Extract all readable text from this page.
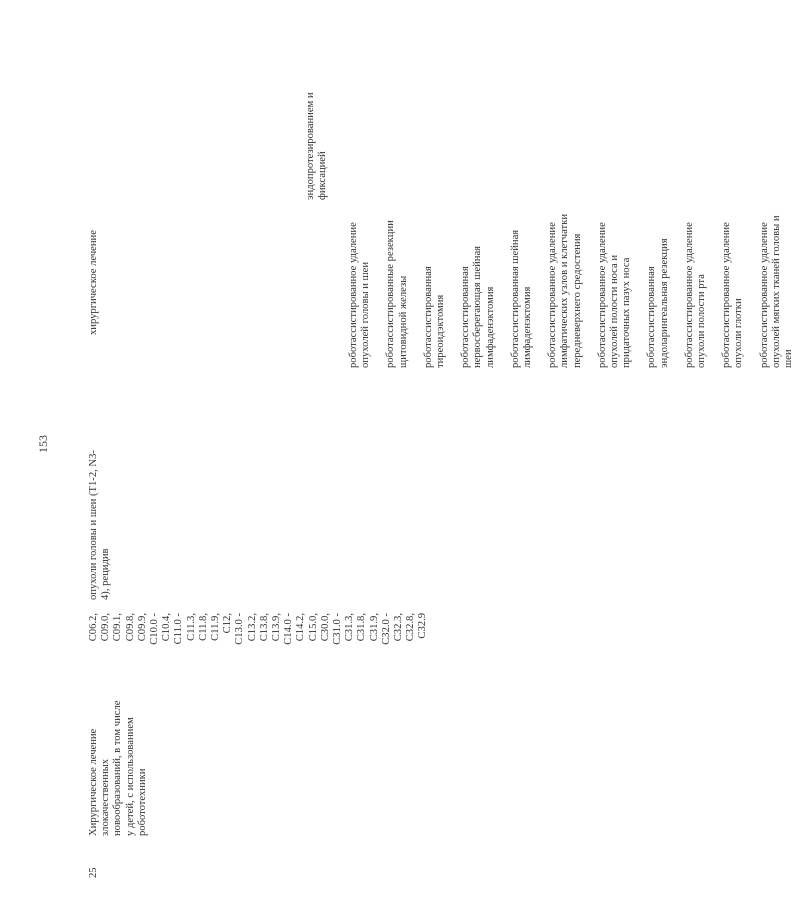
153
эндопротезированием и фиксацией
25
Хирургическое лечение злокачественных новообразований, в том числе у детей, с использованием робототехники
C06.2, C09.0, C09.1, C09.8, C09.9, C10.0 - C10.4, C11.0 - C11.3, C11.8, C11.9, C12, C13.0 - C13.2, C13.8, C13.9, C14.0 - C14.2, C15.0, C30.0, C31.0 - C31.3, C31.8, C31.9, C32.0 - C32.3, C32.8, C32.9
опухоли головы и шеи (T1-2, N3- 4), рецидив
хирургическое лечение	роботассистированное удаление опухолей головы и шеи роботассистированные резекции щитовидной железы роботассистированная тиреоидэктомия роботассистированная нервосберегающая шейная лимфаденэктомия роботассистированная шейная лимфаденэктомия роботассистированное удаление лимфатических узлов и клетчатки передневерхнего средостения роботассистированное удаление опухолей полости носа и придаточных пазух носа роботассистированная эндоларингеальная резекция роботассистированное удаление опухоли полости рта роботассистированное удаление опухоли глотки роботассистированное удаление опухолей мягких тканей головы и шеи
